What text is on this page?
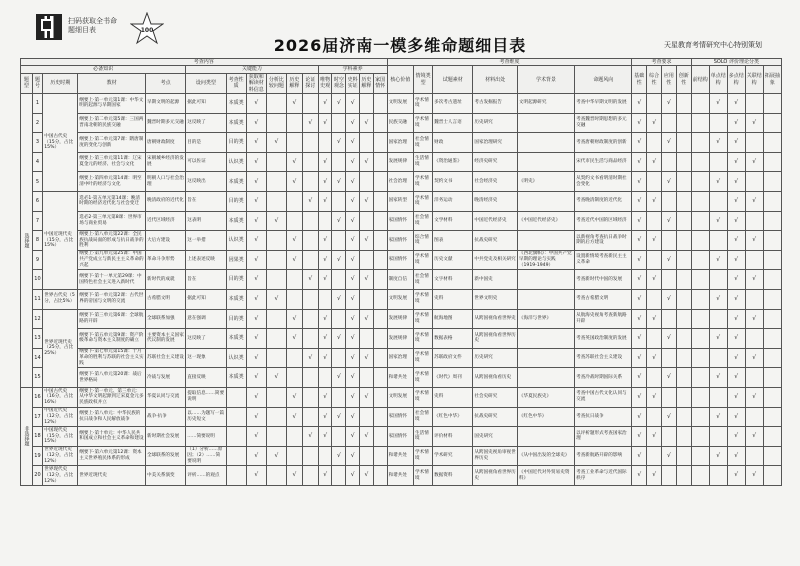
扫码获取全书命题细目表	100
2026届济南一模多维命题细目表	天星教育考情研究中心特别策划
考查内容																考查维度						考查要求				SOLO 评价理论分类				
必备知识					关键能力						学科素养					核心价值	情境类型	试题素材	材料出处	学术背景	命题风向	基础性	综合性	应用性	创新性	前结构	单点结构	多点结构	关联结构	拓展抽象
题型	题号	历史时期	教材	考点	设问类型	考查性质	获取和解读材料信息	分析比较问题	历史解释	论证探讨	唯物史观	时空观念	史料实证	历史解释	家国情怀															

选择题	1	中国古代史（15分，占比15%）	纲要上·第一单元第1课：中华文明的起源与早期国家	早期文明的起源	据此可知	本质类	√		√		√	√	√			文明发展	学术情境	多次考古遗址	考古发掘报告	文明起源研究	考查中华早期文明的发展	√		√			√	√		
	2		纲要上·第二单元第5课：三国两晋南北朝的民族交融	魏晋时期多元交融	这反映了	本质类	√			√	√		√	√		民族交融	学术情境	魏晋士人言语	历史研究		考查魏晋时期思想的多元交融	√	√					√	√	
	3		纲要上·第二单元第7课：隋唐制度的变化与创新	唐朝财政制度	目的是	目的类	√	√				√	√			国家治理	社会情境	财政	国家治理研究		考查唐朝财政制度的创新	√		√			√	√		
	4		纲要上·第三单元第11课：辽宋夏金元的经济、社会与文化	宋朝城乡经济的发展	可以佐证	认识类	√		√		√		√	√		发展规律	生活情境	《资治通鉴》	经济史研究		宋代市民生活与商品经济	√	√					√	√	
	5		纲要上·第四单元第14课：明至清中叶的经济与文化	明朝人口与社会治理	这反映出	本质类	√		√		√	√	√			社会治理	学术情境	契约文书	社会经济史	《明史》	从契约文书看明清时期社会变化	√		√			√	√		
	6	中国近现代史（15分，占比15%）	选必1·第五单元第14课：晚清时期的经济近代化与社会变迁	晚清政府的近代化	旨在	目的类	√			√	√		√	√		国家转型	学术情境	洋务运动	晚清经济史		考查晚清制度的近代化	√	√					√	√	
	7		选必2·第三单元第8课：世界市场与商业贸易	近代区域经济	这表明	本质类	√	√				√	√			家国情怀	社会情境	文学材料	中国近代经济史	《中国近代经济史》	考查近代中国的区域经济	√		√			√	√		
	8		纲要上·第八单元第22课：全民族抗战局面的形成与抗日战争的胜利	大后方建设	这一举措	认识类	√		√		√		√	√		家国情怀	综合情境	图表	抗战史研究		以新视角考查抗日战争时期的后方建设	√	√					√	√	
	9		纲要上·第九单元第25课：中国共产党成立与新民主主义革命的兴起	革命斗争形势	上述表述反映	因果类	√		√		√	√	√			家国情怀	学术情境	历史文献	中共党史及相关研究	《西北旗帜》：中国共产党早期的理论与实践（1919-1949）	设置新情境考查新民主主义革命	√		√			√	√		
	10		纲要下·第十一单元第29课：中国特色社会主义进入新时代	新时代的成就	旨在	目的类	√			√	√		√	√		制度自信	社会情境	文字材料	新中国史		考查新时代中国的发展	√	√					√	√	
	11	世界古代史（5分，占比5%）	纲要下·第一单元第2课：古代世界的帝国与文明的交流	古希腊文明	据此可知	本质类	√	√				√	√			文明发展	学术情境	史料	世界文明史		考查古希腊文明	√		√			√	√		
	12	世界近现代史（25分，占比25%）	纲要下·第三单元第6课：全球航路的开辟	全球联系加强	意在强调	目的类	√		√		√		√	√		发展规律	学术情境	航海地图	从跨国视角看世界史	《海洋与世界》	从航海史视角考查新航路开辟	√	√					√	√	
	13		纲要下·第五单元第9课：资产阶级革命与资本主义制度的确立	主要资本主义国家代议制的发展	这反映了	本质类	√		√		√	√	√			发展规律	学术情境	数据表格	从跨国视角看世界历史		考查英国政治制度的发展	√		√			√	√		
	14		纲要下·第七单元第15课：十月革命的胜利与苏联的社会主义实践	苏联社会主义建设	这一现象	认识类	√			√	√		√	√		国家治理	学术情境	苏联政府文件	历史研究		考查苏联社会主义建设	√	√					√	√	
	15		纲要下·第八单元第20课：战后世界格局	冷战与发展	直接反映	本质类	√	√				√	√			和谐共处	学术情境	《时代》周刊	从跨国视角看历史		考查冷战时期国际关系	√		√			√	√		

非选择题	16	中国古代史（16分，占比16%）	纲要上·第一单元、第三单元：从中华文明起源到辽宋夏金元多民族政权并立	华夏认同与交流	提取信息……简要说明		√		√		√		√	√		文明发展	学术情境	史料	社会史研究	《华夏民族史》	考查中国古代文化认同与交流	√	√					√	√	
	17	中国近代史（12分，占比12%）	纲要上·第八单元：中华民族的抗日战争和人民解放战争	战争·抗争	以……为题写一篇历史短文		√		√		√	√	√			家国情怀	社会情境	《红色中华》	抗战史研究	《红色中华》	考查抗日战争	√		√			√	√		
	18	中国现代史（15分，占比15%）	纲要上·第十单元：中华人民共和国成立和社会主义革命和建设	新时期社会发展	……简要说明		√			√	√		√	√		家国情怀	生活情境	评价材料	国史研究		以评析题形式考查国家治理	√	√					√	√	
	19	世界近现代史（12分，占比12%）	纲要下·第六单元第12课：资本主义世界殖民体系的形成	全球联系的发展	（1）分析……原因；（2）……简要说明		√	√				√	√			和谐共处	学术情境	学术研究	从跨国史视角审视世界历史	《从中国出发的全球史》	考查新航路开辟的影响	√		√			√	√		
	20	世界现代史（12分，占比12%）	世界近现代史	中美关系演变	评析……的观点		√		√		√		√	√		和谐共处	学术情境	数据资料	从跨国视角看世界历史	《中国近代对外贸易史资料》	考查工业革命与近代国际秩序	√	√					√	√	
